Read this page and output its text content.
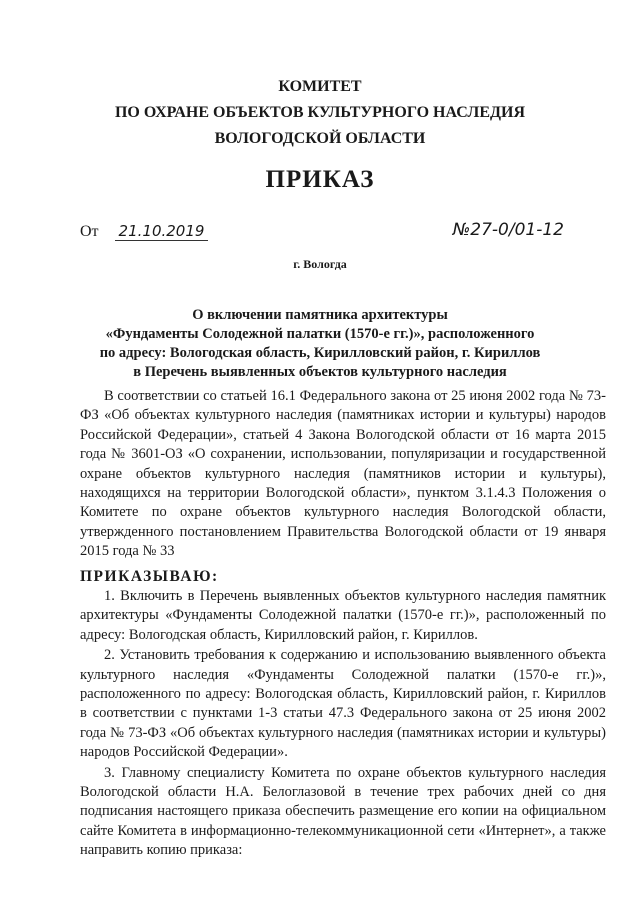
КОМИТЕТ
ПО ОХРАНЕ ОБЪЕКТОВ КУЛЬТУРНОГО НАСЛЕДИЯ
ВОЛОГОДСКОЙ ОБЛАСТИ
ПРИКАЗ
От 21.10.2019	№27-0/01-12
г. Вологда
О включении памятника архитектуры
«Фундаменты Солодежной палатки (1570-е гг.)», расположенного
по адресу: Вологодская область, Кирилловский район, г. Кириллов
в Перечень выявленных объектов культурного наследия

В соответствии со статьей 16.1 Федерального закона от 25 июня 2002 года № 73-ФЗ «Об объектах культурного наследия (памятниках истории и культуры) народов Российской Федерации», статьей 4 Закона Вологодской области от 16 марта 2015 года № 3601-ОЗ «О сохранении, использовании, популяризации и государственной охране объектов культурного наследия (памятников истории и культуры), находящихся на территории Вологодской области», пунктом 3.1.4.3 Положения о Комитете по охране объектов культурного наследия Вологодской области, утвержденного постановлением Правительства Вологодской области от 19 января 2015 года № 33

ПРИКАЗЫВАЮ:

1. Включить в Перечень выявленных объектов культурного наследия памятник архитектуры «Фундаменты Солодежной палатки (1570-е гг.)», расположенный по адресу: Вологодская область, Кирилловский район, г. Кириллов.

2. Установить требования к содержанию и использованию выявленного объекта культурного наследия «Фундаменты Солодежной палатки (1570-е гг.)», расположенного по адресу: Вологодская область, Кирилловский район, г. Кириллов в соответствии с пунктами 1-3 статьи 47.3 Федерального закона от 25 июня 2002 года № 73-ФЗ «Об объектах культурного наследия (памятниках истории и культуры) народов Российской Федерации».

3. Главному специалисту Комитета по охране объектов культурного наследия Вологодской области Н.А. Белоглазовой в течение трех рабочих дней со дня подписания настоящего приказа обеспечить размещение его копии на официальном сайте Комитета в информационно-телекоммуникационной сети «Интернет», а также направить копию приказа:
